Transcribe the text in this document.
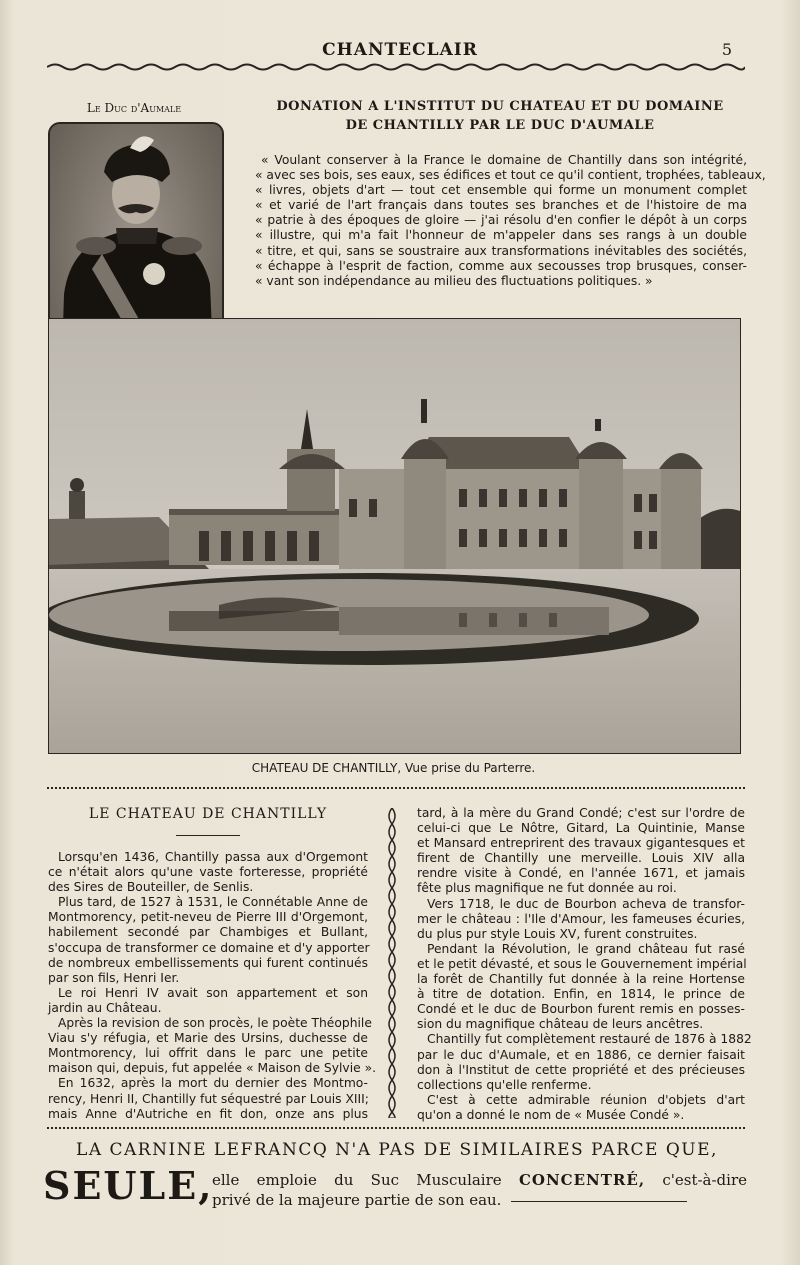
CHANTECLAIR	5
Le Duc d'Aumale	DONATION A L'INSTITUT DU CHATEAU ET DU DOMAINE
DE CHANTILLY PAR LE DUC D'AUMALE
« Voulant conserver à la France le domaine de Chantilly dans son intégrité,
« avec ses bois, ses eaux, ses édifices et tout ce qu'il contient, trophées, tableaux,
« livres, objets d'art — tout cet ensemble qui forme un monument complet
« et varié de l'art français dans toutes ses branches et de l'histoire de ma
« patrie à des époques de gloire — j'ai résolu d'en confier le dépôt à un corps
« illustre, qui m'a fait l'honneur de m'appeler dans ses rangs à un double
« titre, et qui, sans se soustraire aux transformations inévitables des sociétés,
« échappe à l'esprit de faction, comme aux secousses trop brusques, conser-
« vant son indépendance au milieu des fluctuations politiques. »
CHATEAU DE CHANTILLY, Vue prise du Parterre.
LE CHATEAU DE CHANTILLY
Lorsqu'en 1436, Chantilly passa aux d'Orgemont
ce n'était alors qu'une vaste forteresse, propriété
des Sires de Bouteiller, de Senlis.
Plus tard, de 1527 à 1531, le Connétable Anne de
Montmorency, petit-neveu de Pierre III d'Orgemont,
habilement secondé par Chambiges et Bullant,
s'occupa de transformer ce domaine et d'y apporter
de nombreux embellissements qui furent continués
par son fils, Henri Ier.
Le roi Henri IV avait son appartement et son
jardin au Château.
Après la revision de son procès, le poète Théophile
Viau s'y réfugia, et Marie des Ursins, duchesse de
Montmorency, lui offrit dans le parc une petite
maison qui, depuis, fut appelée « Maison de Sylvie ».
En 1632, après la mort du dernier des Montmo-
rency, Henri II, Chantilly fut séquestré par Louis XIII;
mais Anne d'Autriche en fit don, onze ans plus
tard, à la mère du Grand Condé; c'est sur l'ordre de
celui-ci que Le Nôtre, Gitard, La Quintinie, Manse
et Mansard entreprirent des travaux gigantesques et
firent de Chantilly une merveille. Louis XIV alla
rendre visite à Condé, en l'année 1671, et jamais
fête plus magnifique ne fut donnée au roi.
Vers 1718, le duc de Bourbon acheva de transfor-
mer le château : l'Ile d'Amour, les fameuses écuries,
du plus pur style Louis XV, furent construites.
Pendant la Révolution, le grand château fut rasé
et le petit dévasté, et sous le Gouvernement impérial
la forêt de Chantilly fut donnée à la reine Hortense
à titre de dotation. Enfin, en 1814, le prince de
Condé et le duc de Bourbon furent remis en posses-
sion du magnifique château de leurs ancêtres.
Chantilly fut complètement restauré de 1876 à 1882
par le duc d'Aumale, et en 1886, ce dernier faisait
don à l'Institut de cette propriété et des précieuses
collections qu'elle renferme.
C'est à cette admirable réunion d'objets d'art
qu'on a donné le nom de « Musée Condé ».
LA CARNINE LEFRANCQ N'A PAS DE SIMILAIRES PARCE QUE,
SEULE,
elle emploie du Suc Musculaire CONCENTRÉ, c'est-à-dire
privé de la majeure partie de son eau.
